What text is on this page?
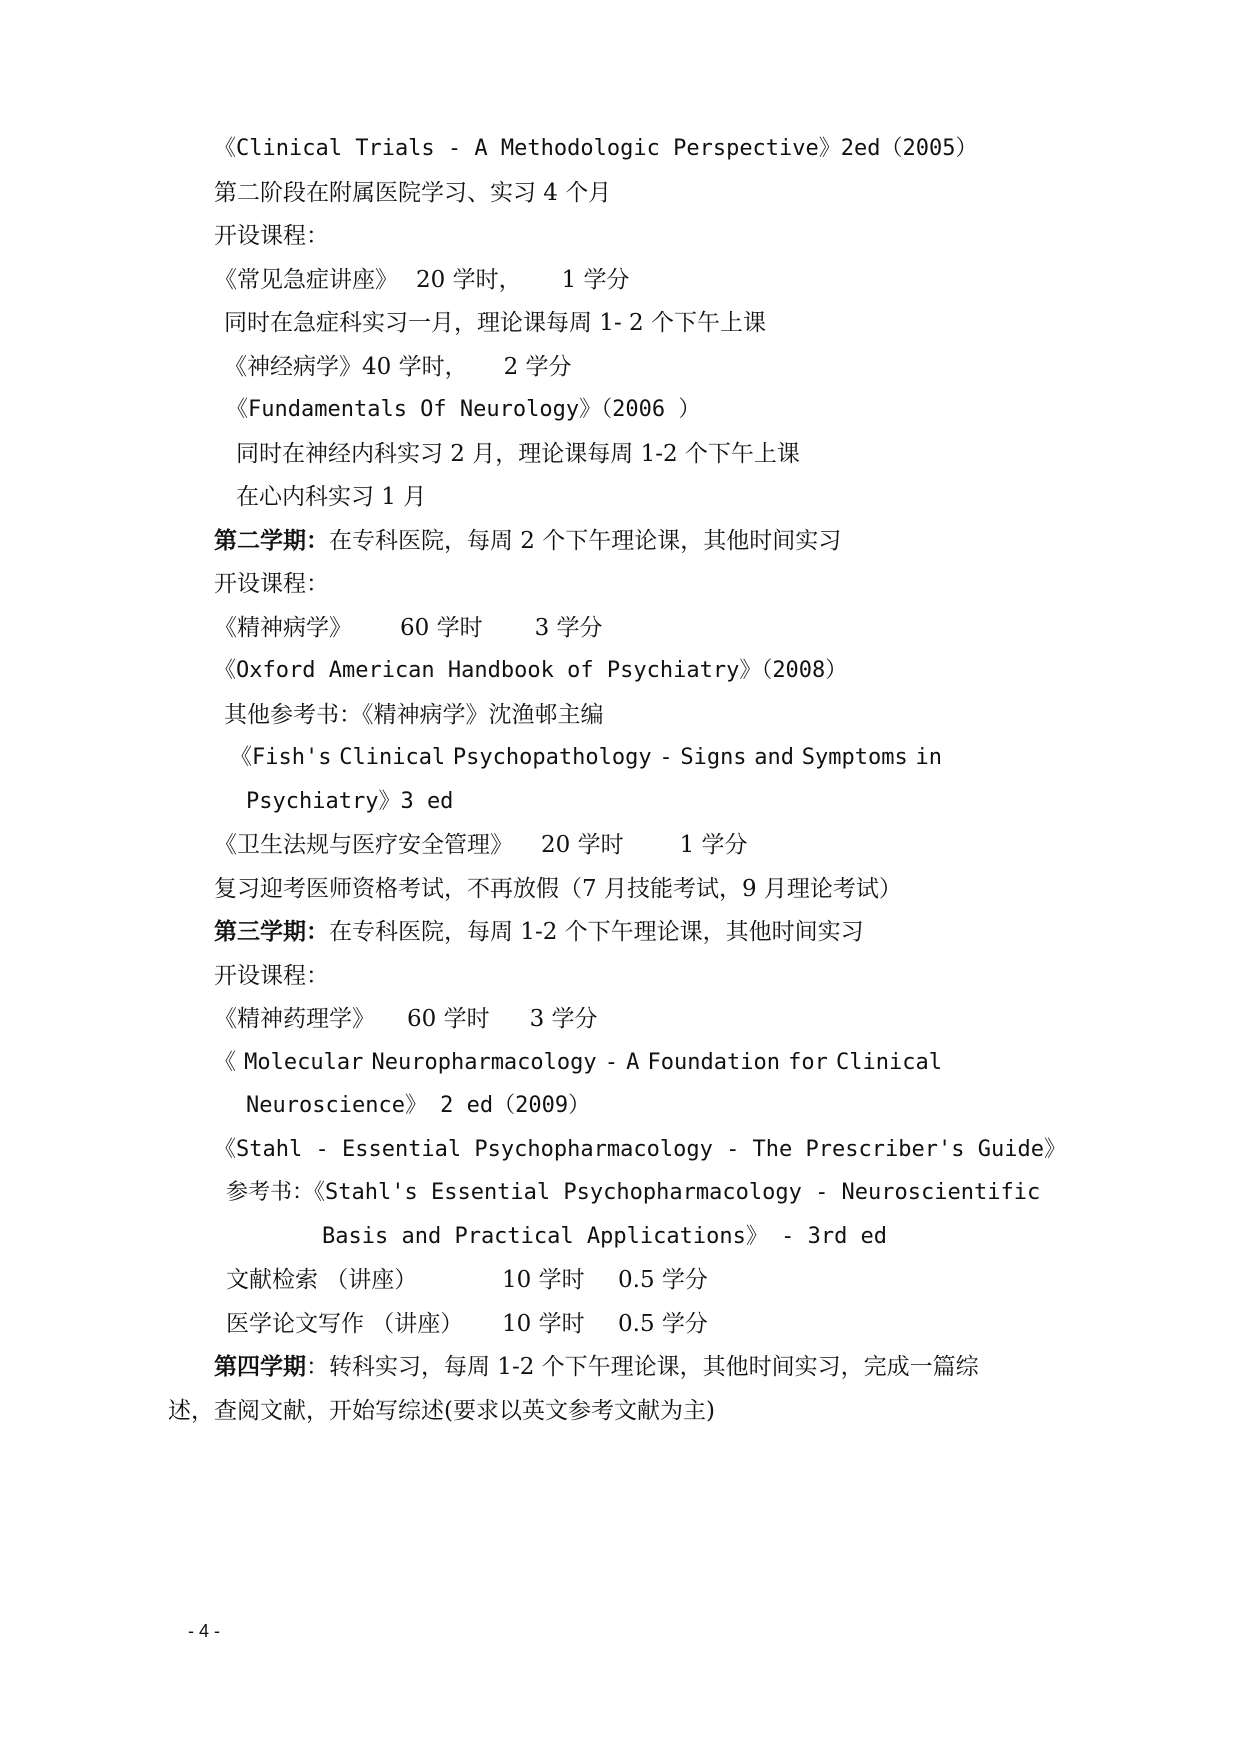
《Clinical Trials - A Methodologic Perspective》2ed（2005）
第二阶段在附属医院学习、实习 4 个月
开设课程：
《常见急症讲座》 20 学时， 1 学分
同时在急症科实习一月，理论课每周 1- 2 个下午上课
《神经病学》40 学时， 2 学分
《Fundamentals Of Neurology》（2006 ）
同时在神经内科实习 2 月，理论课每周 1-2 个下午上课
在心内科实习 1 月
第二学期：在专科医院，每周 2 个下午理论课，其他时间实习
开设课程：
《精神病学》 60 学时 3 学分
《Oxford American Handbook of Psychiatry》（2008）
其他参考书：《精神病学》沈渔邨主编
《Fish's Clinical Psychopathology - Signs and Symptoms in
Psychiatry》3 ed
《卫生法规与医疗安全管理》 20 学时 1 学分
复习迎考医师资格考试，不再放假（7 月技能考试，9 月理论考试）
第三学期：在专科医院，每周 1-2 个下午理论课，其他时间实习
开设课程：
《精神药理学》 60 学时 3 学分
《 Molecular Neuropharmacology - A Foundation for Clinical
Neuroscience》 2 ed（2009）
《Stahl - Essential Psychopharmacology - The Prescriber's Guide》
参考书：《Stahl's Essential Psychopharmacology - Neuroscientific
Basis and Practical Applications》 - 3rd ed
文献检索 （讲座）	10 学时 0.5 学分
医学论文写作 （讲座） 10 学时 0.5 学分
第四学期：转科实习，每周 1-2 个下午理论课，其他时间实习，完成一篇综
述，查阅文献，开始写综述(要求以英文参考文献为主)
- 4 -
